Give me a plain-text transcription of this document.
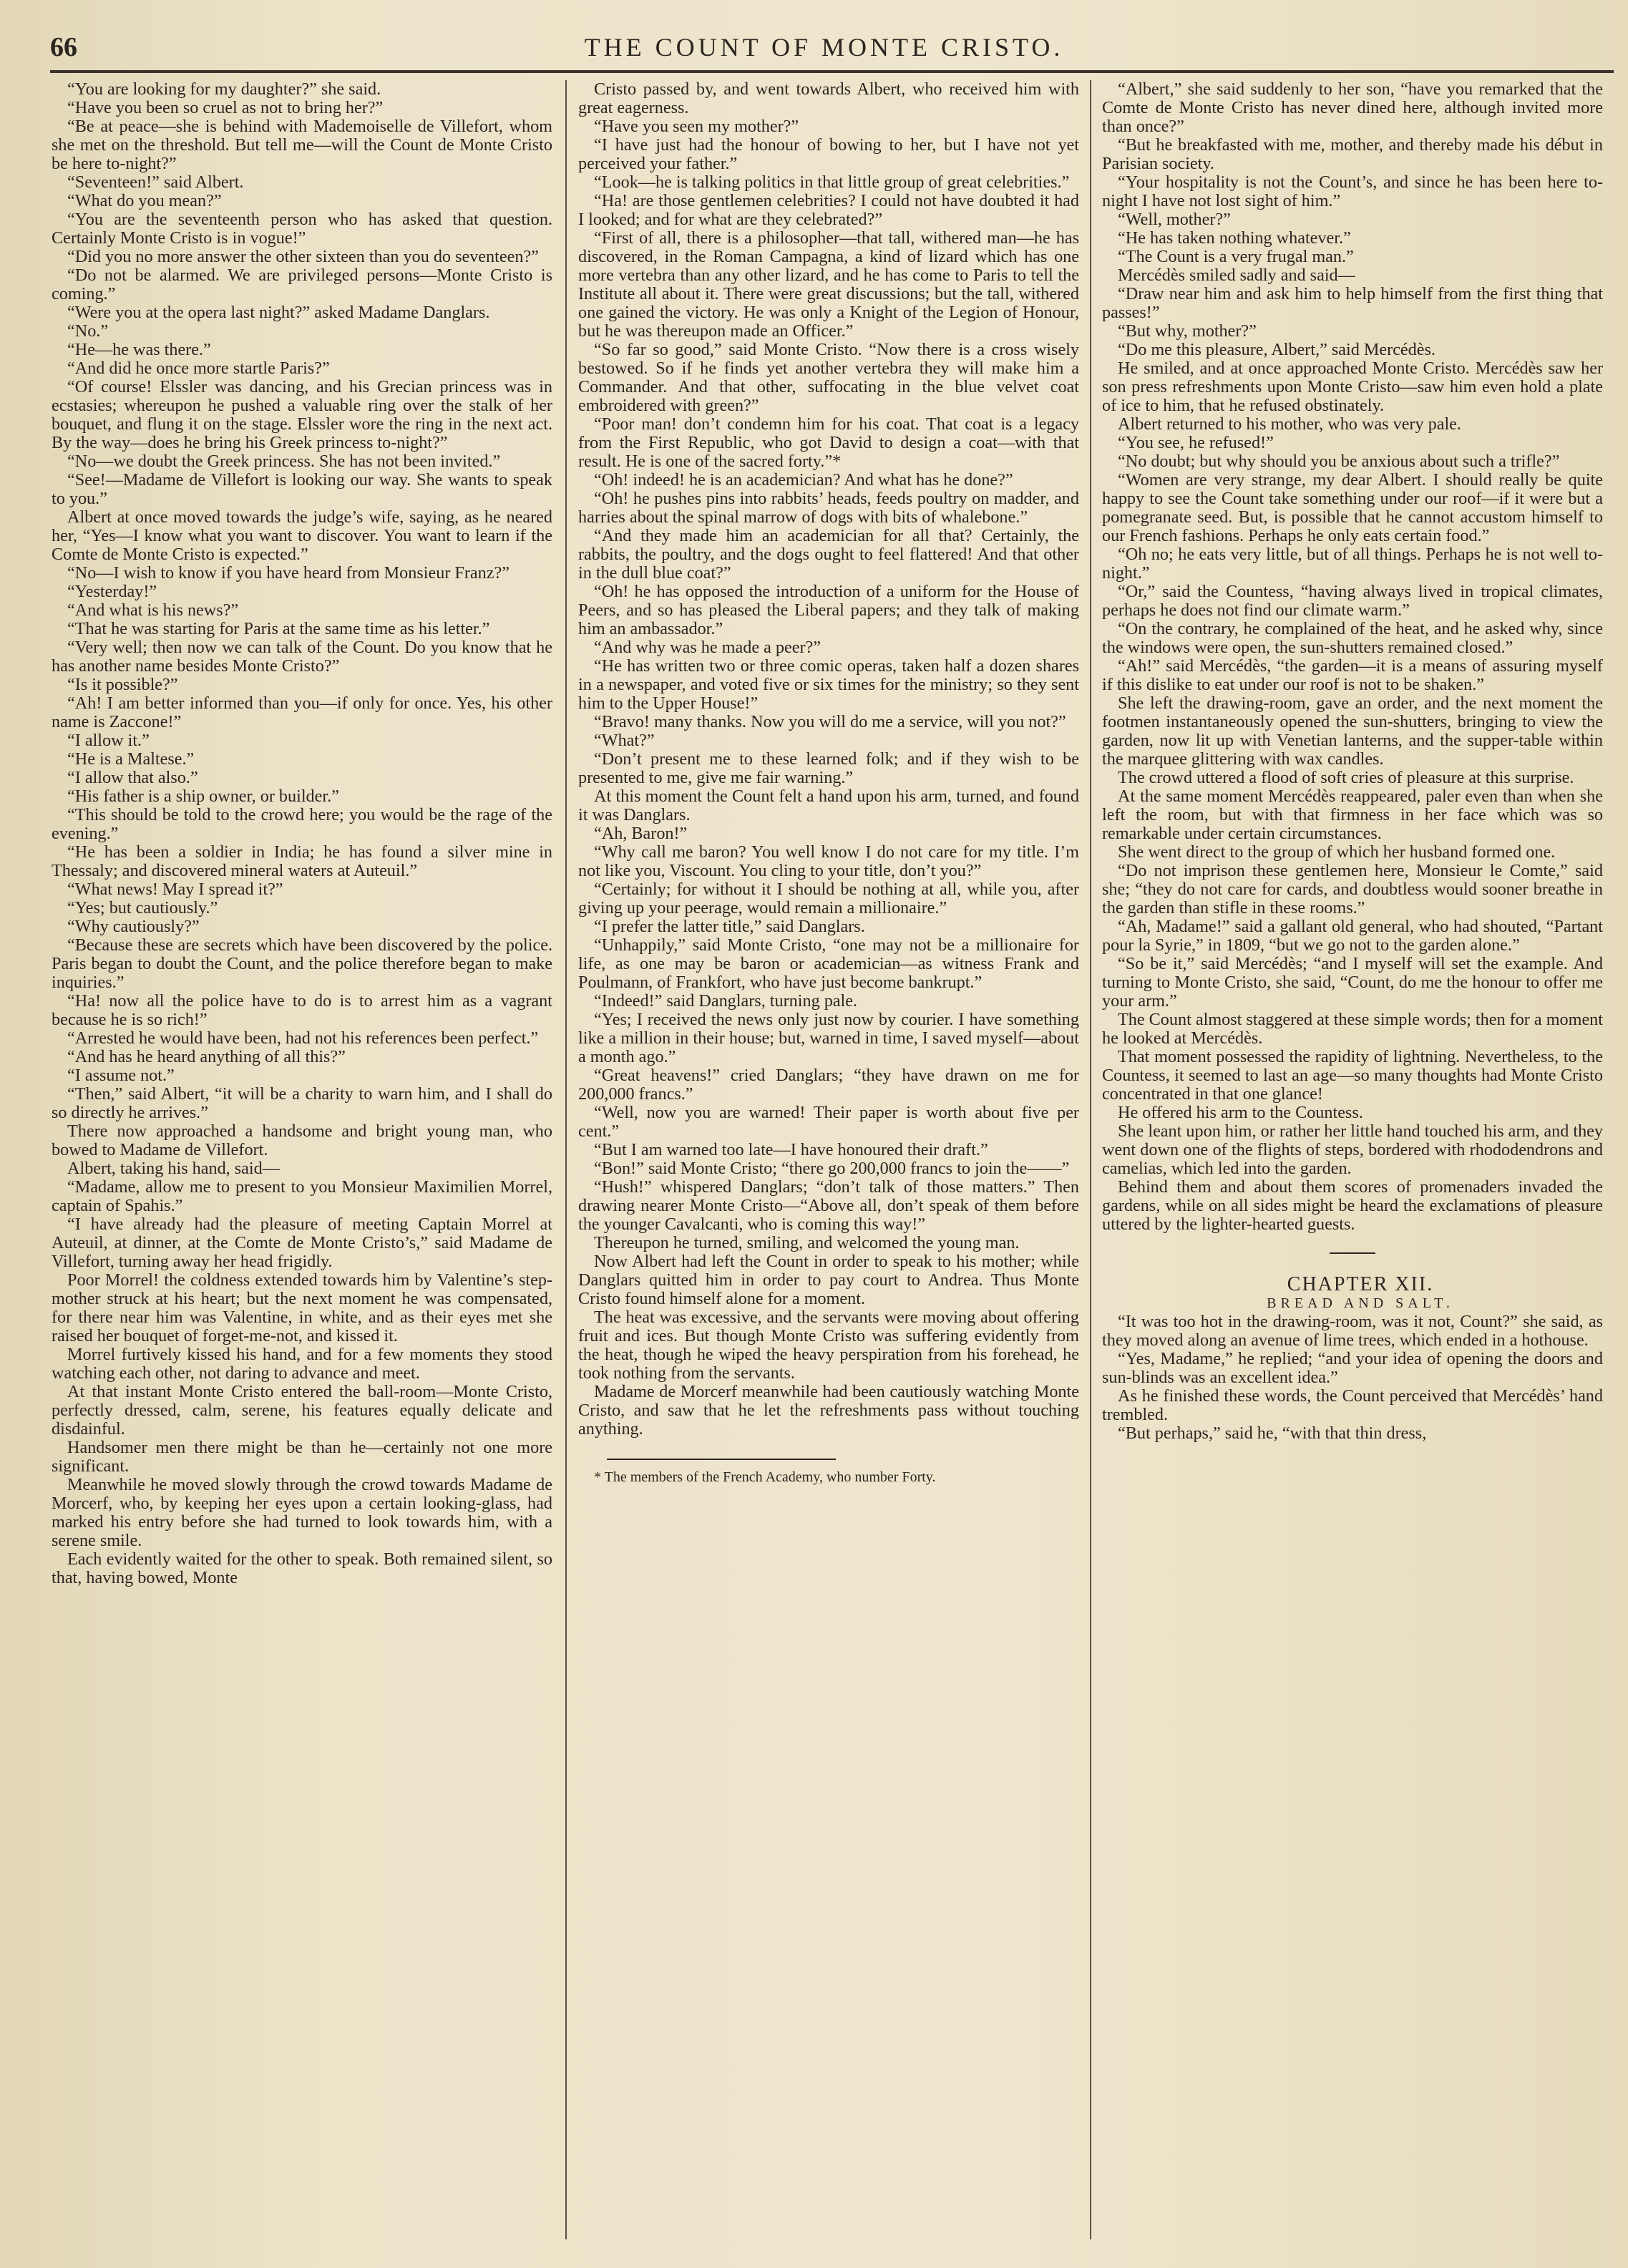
66	THE COUNT OF MONTE CRISTO.

“You are looking for my daughter?” she said.

“Have you been so cruel as not to bring her?”

“Be at peace—she is behind with Mademoiselle de Villefort, whom she met on the threshold. But tell me—will the Count de Monte Cristo be here to-night?”

“Seventeen!” said Albert.

“What do you mean?”

“You are the seventeenth person who has asked that question. Certainly Monte Cristo is in vogue!”

“Did you no more answer the other sixteen than you do seventeen?”

“Do not be alarmed. We are privileged persons—Monte Cristo is coming.”

“Were you at the opera last night?” asked Madame Danglars.

“No.”

“He—he was there.”

“And did he once more startle Paris?”

“Of course! Elssler was dancing, and his Grecian princess was in ecstasies; whereupon he pushed a valuable ring over the stalk of her bouquet, and flung it on the stage. Elssler wore the ring in the next act. By the way—does he bring his Greek princess to-night?”

“No—we doubt the Greek princess. She has not been invited.”

“See!—Madame de Villefort is looking our way. She wants to speak to you.”

Albert at once moved towards the judge’s wife, saying, as he neared her, “Yes—I know what you want to discover. You want to learn if the Comte de Monte Cristo is expected.”

“No—I wish to know if you have heard from Monsieur Franz?”

“Yesterday!”

“And what is his news?”

“That he was starting for Paris at the same time as his letter.”

“Very well; then now we can talk of the Count. Do you know that he has another name besides Monte Cristo?”

“Is it possible?”

“Ah! I am better informed than you—if only for once. Yes, his other name is Zaccone!”

“I allow it.”

“He is a Maltese.”

“I allow that also.”

“His father is a ship owner, or builder.”

“This should be told to the crowd here; you would be the rage of the evening.”

“He has been a soldier in India; he has found a silver mine in Thessaly; and discovered mineral waters at Auteuil.”

“What news! May I spread it?”

“Yes; but cautiously.”

“Why cautiously?”

“Because these are secrets which have been discovered by the police. Paris began to doubt the Count, and the police therefore began to make inquiries.”

“Ha! now all the police have to do is to arrest him as a vagrant because he is so rich!”

“Arrested he would have been, had not his references been perfect.”

“And has he heard anything of all this?”

“I assume not.”

“Then,” said Albert, “it will be a charity to warn him, and I shall do so directly he arrives.”

There now approached a handsome and bright young man, who bowed to Madame de Villefort.

Albert, taking his hand, said—

“Madame, allow me to present to you Monsieur Maximilien Morrel, captain of Spahis.”

“I have already had the pleasure of meeting Captain Morrel at Auteuil, at dinner, at the Comte de Monte Cristo’s,” said Madame de Villefort, turning away her head frigidly.

Poor Morrel! the coldness extended towards him by Valentine’s step-mother struck at his heart; but the next moment he was compensated, for there near him was Valentine, in white, and as their eyes met she raised her bouquet of forget-me-not, and kissed it.

Morrel furtively kissed his hand, and for a few moments they stood watching each other, not daring to advance and meet.

At that instant Monte Cristo entered the ball-room—Monte Cristo, perfectly dressed, calm, serene, his features equally delicate and disdainful.

Handsomer men there might be than he—certainly not one more significant.

Meanwhile he moved slowly through the crowd towards Madame de Morcerf, who, by keeping her eyes upon a certain looking-glass, had marked his entry before she had turned to look towards him, with a serene smile.

Each evidently waited for the other to speak. Both remained silent, so that, having bowed, Monte

Cristo passed by, and went towards Albert, who received him with great eagerness.

“Have you seen my mother?”

“I have just had the honour of bowing to her, but I have not yet perceived your father.”

“Look—he is talking politics in that little group of great celebrities.”

“Ha! are those gentlemen celebrities? I could not have doubted it had I looked; and for what are they celebrated?”

“First of all, there is a philosopher—that tall, withered man—he has discovered, in the Roman Campagna, a kind of lizard which has one more vertebra than any other lizard, and he has come to Paris to tell the Institute all about it. There were great discussions; but the tall, withered one gained the victory. He was only a Knight of the Legion of Honour, but he was thereupon made an Officer.”

“So far so good,” said Monte Cristo. “Now there is a cross wisely bestowed. So if he finds yet another vertebra they will make him a Commander. And that other, suffocating in the blue velvet coat embroidered with green?”

“Poor man! don’t condemn him for his coat. That coat is a legacy from the First Republic, who got David to design a coat—with that result. He is one of the sacred forty.”*

“Oh! indeed! he is an academician? And what has he done?”

“Oh! he pushes pins into rabbits’ heads, feeds poultry on madder, and harries about the spinal marrow of dogs with bits of whalebone.”

“And they made him an academician for all that? Certainly, the rabbits, the poultry, and the dogs ought to feel flattered! And that other in the dull blue coat?”

“Oh! he has opposed the introduction of a uniform for the House of Peers, and so has pleased the Liberal papers; and they talk of making him an ambassador.”

“And why was he made a peer?”

“He has written two or three comic operas, taken half a dozen shares in a newspaper, and voted five or six times for the ministry; so they sent him to the Upper House!”

“Bravo! many thanks. Now you will do me a service, will you not?”

“What?”

“Don’t present me to these learned folk; and if they wish to be presented to me, give me fair warning.”

At this moment the Count felt a hand upon his arm, turned, and found it was Danglars.

“Ah, Baron!”

“Why call me baron? You well know I do not care for my title. I’m not like you, Viscount. You cling to your title, don’t you?”

“Certainly; for without it I should be nothing at all, while you, after giving up your peerage, would remain a millionaire.”

“I prefer the latter title,” said Danglars.

“Unhappily,” said Monte Cristo, “one may not be a millionaire for life, as one may be baron or academician—as witness Frank and Poulmann, of Frankfort, who have just become bankrupt.”

“Indeed!” said Danglars, turning pale.

“Yes; I received the news only just now by courier. I have something like a million in their house; but, warned in time, I saved myself—about a month ago.”

“Great heavens!” cried Danglars; “they have drawn on me for 200,000 francs.”

“Well, now you are warned! Their paper is worth about five per cent.”

“But I am warned too late—I have honoured their draft.”

“Bon!” said Monte Cristo; “there go 200,000 francs to join the——”

“Hush!” whispered Danglars; “don’t talk of those matters.” Then drawing nearer Monte Cristo—“Above all, don’t speak of them before the younger Cavalcanti, who is coming this way!”

Thereupon he turned, smiling, and welcomed the young man.

Now Albert had left the Count in order to speak to his mother; while Danglars quitted him in order to pay court to Andrea. Thus Monte Cristo found himself alone for a moment.

The heat was excessive, and the servants were moving about offering fruit and ices. But though Monte Cristo was suffering evidently from the heat, though he wiped the heavy perspiration from his forehead, he took nothing from the servants.

Madame de Morcerf meanwhile had been cautiously watching Monte Cristo, and saw that he let the refreshments pass without touching anything.

* The members of the French Academy, who number Forty.

“Albert,” she said suddenly to her son, “have you remarked that the Comte de Monte Cristo has never dined here, although invited more than once?”

“But he breakfasted with me, mother, and thereby made his début in Parisian society.

“Your hospitality is not the Count’s, and since he has been here to-night I have not lost sight of him.”

“Well, mother?”

“He has taken nothing whatever.”

“The Count is a very frugal man.”

Mercédès smiled sadly and said—

“Draw near him and ask him to help himself from the first thing that passes!”

“But why, mother?”

“Do me this pleasure, Albert,” said Mercédès.

He smiled, and at once approached Monte Cristo. Mercédès saw her son press refreshments upon Monte Cristo—saw him even hold a plate of ice to him, that he refused obstinately.

Albert returned to his mother, who was very pale.

“You see, he refused!”

“No doubt; but why should you be anxious about such a trifle?”

“Women are very strange, my dear Albert. I should really be quite happy to see the Count take something under our roof—if it were but a pomegranate seed. But, is possible that he cannot accustom himself to our French fashions. Perhaps he only eats certain food.”

“Oh no; he eats very little, but of all things. Perhaps he is not well to-night.”

“Or,” said the Countess, “having always lived in tropical climates, perhaps he does not find our climate warm.”

“On the contrary, he complained of the heat, and he asked why, since the windows were open, the sun-shutters remained closed.”

“Ah!” said Mercédès, “the garden—it is a means of assuring myself if this dislike to eat under our roof is not to be shaken.”

She left the drawing-room, gave an order, and the next moment the footmen instantaneously opened the sun-shutters, bringing to view the garden, now lit up with Venetian lanterns, and the supper-table within the marquee glittering with wax candles.

The crowd uttered a flood of soft cries of pleasure at this surprise.

At the same moment Mercédès reappeared, paler even than when she left the room, but with that firmness in her face which was so remarkable under certain circumstances.

She went direct to the group of which her husband formed one.

“Do not imprison these gentlemen here, Monsieur le Comte,” said she; “they do not care for cards, and doubtless would sooner breathe in the garden than stifle in these rooms.”

“Ah, Madame!” said a gallant old general, who had shouted, “Partant pour la Syrie,” in 1809, “but we go not to the garden alone.”

“So be it,” said Mercédès; “and I myself will set the example. And turning to Monte Cristo, she said, “Count, do me the honour to offer me your arm.”

The Count almost staggered at these simple words; then for a moment he looked at Mercédès.

That moment possessed the rapidity of lightning. Nevertheless, to the Countess, it seemed to last an age—so many thoughts had Monte Cristo concentrated in that one glance!

He offered his arm to the Countess.

She leant upon him, or rather her little hand touched his arm, and they went down one of the flights of steps, bordered with rhododendrons and camelias, which led into the garden.

Behind them and about them scores of promenaders invaded the gardens, while on all sides might be heard the exclamations of pleasure uttered by the lighter-hearted guests.

CHAPTER XII.

BREAD AND SALT.

“It was too hot in the drawing-room, was it not, Count?” she said, as they moved along an avenue of lime trees, which ended in a hothouse.

“Yes, Madame,” he replied; “and your idea of opening the doors and sun-blinds was an excellent idea.”

As he finished these words, the Count perceived that Mercédès’ hand trembled.

“But perhaps,” said he, “with that thin dress,
